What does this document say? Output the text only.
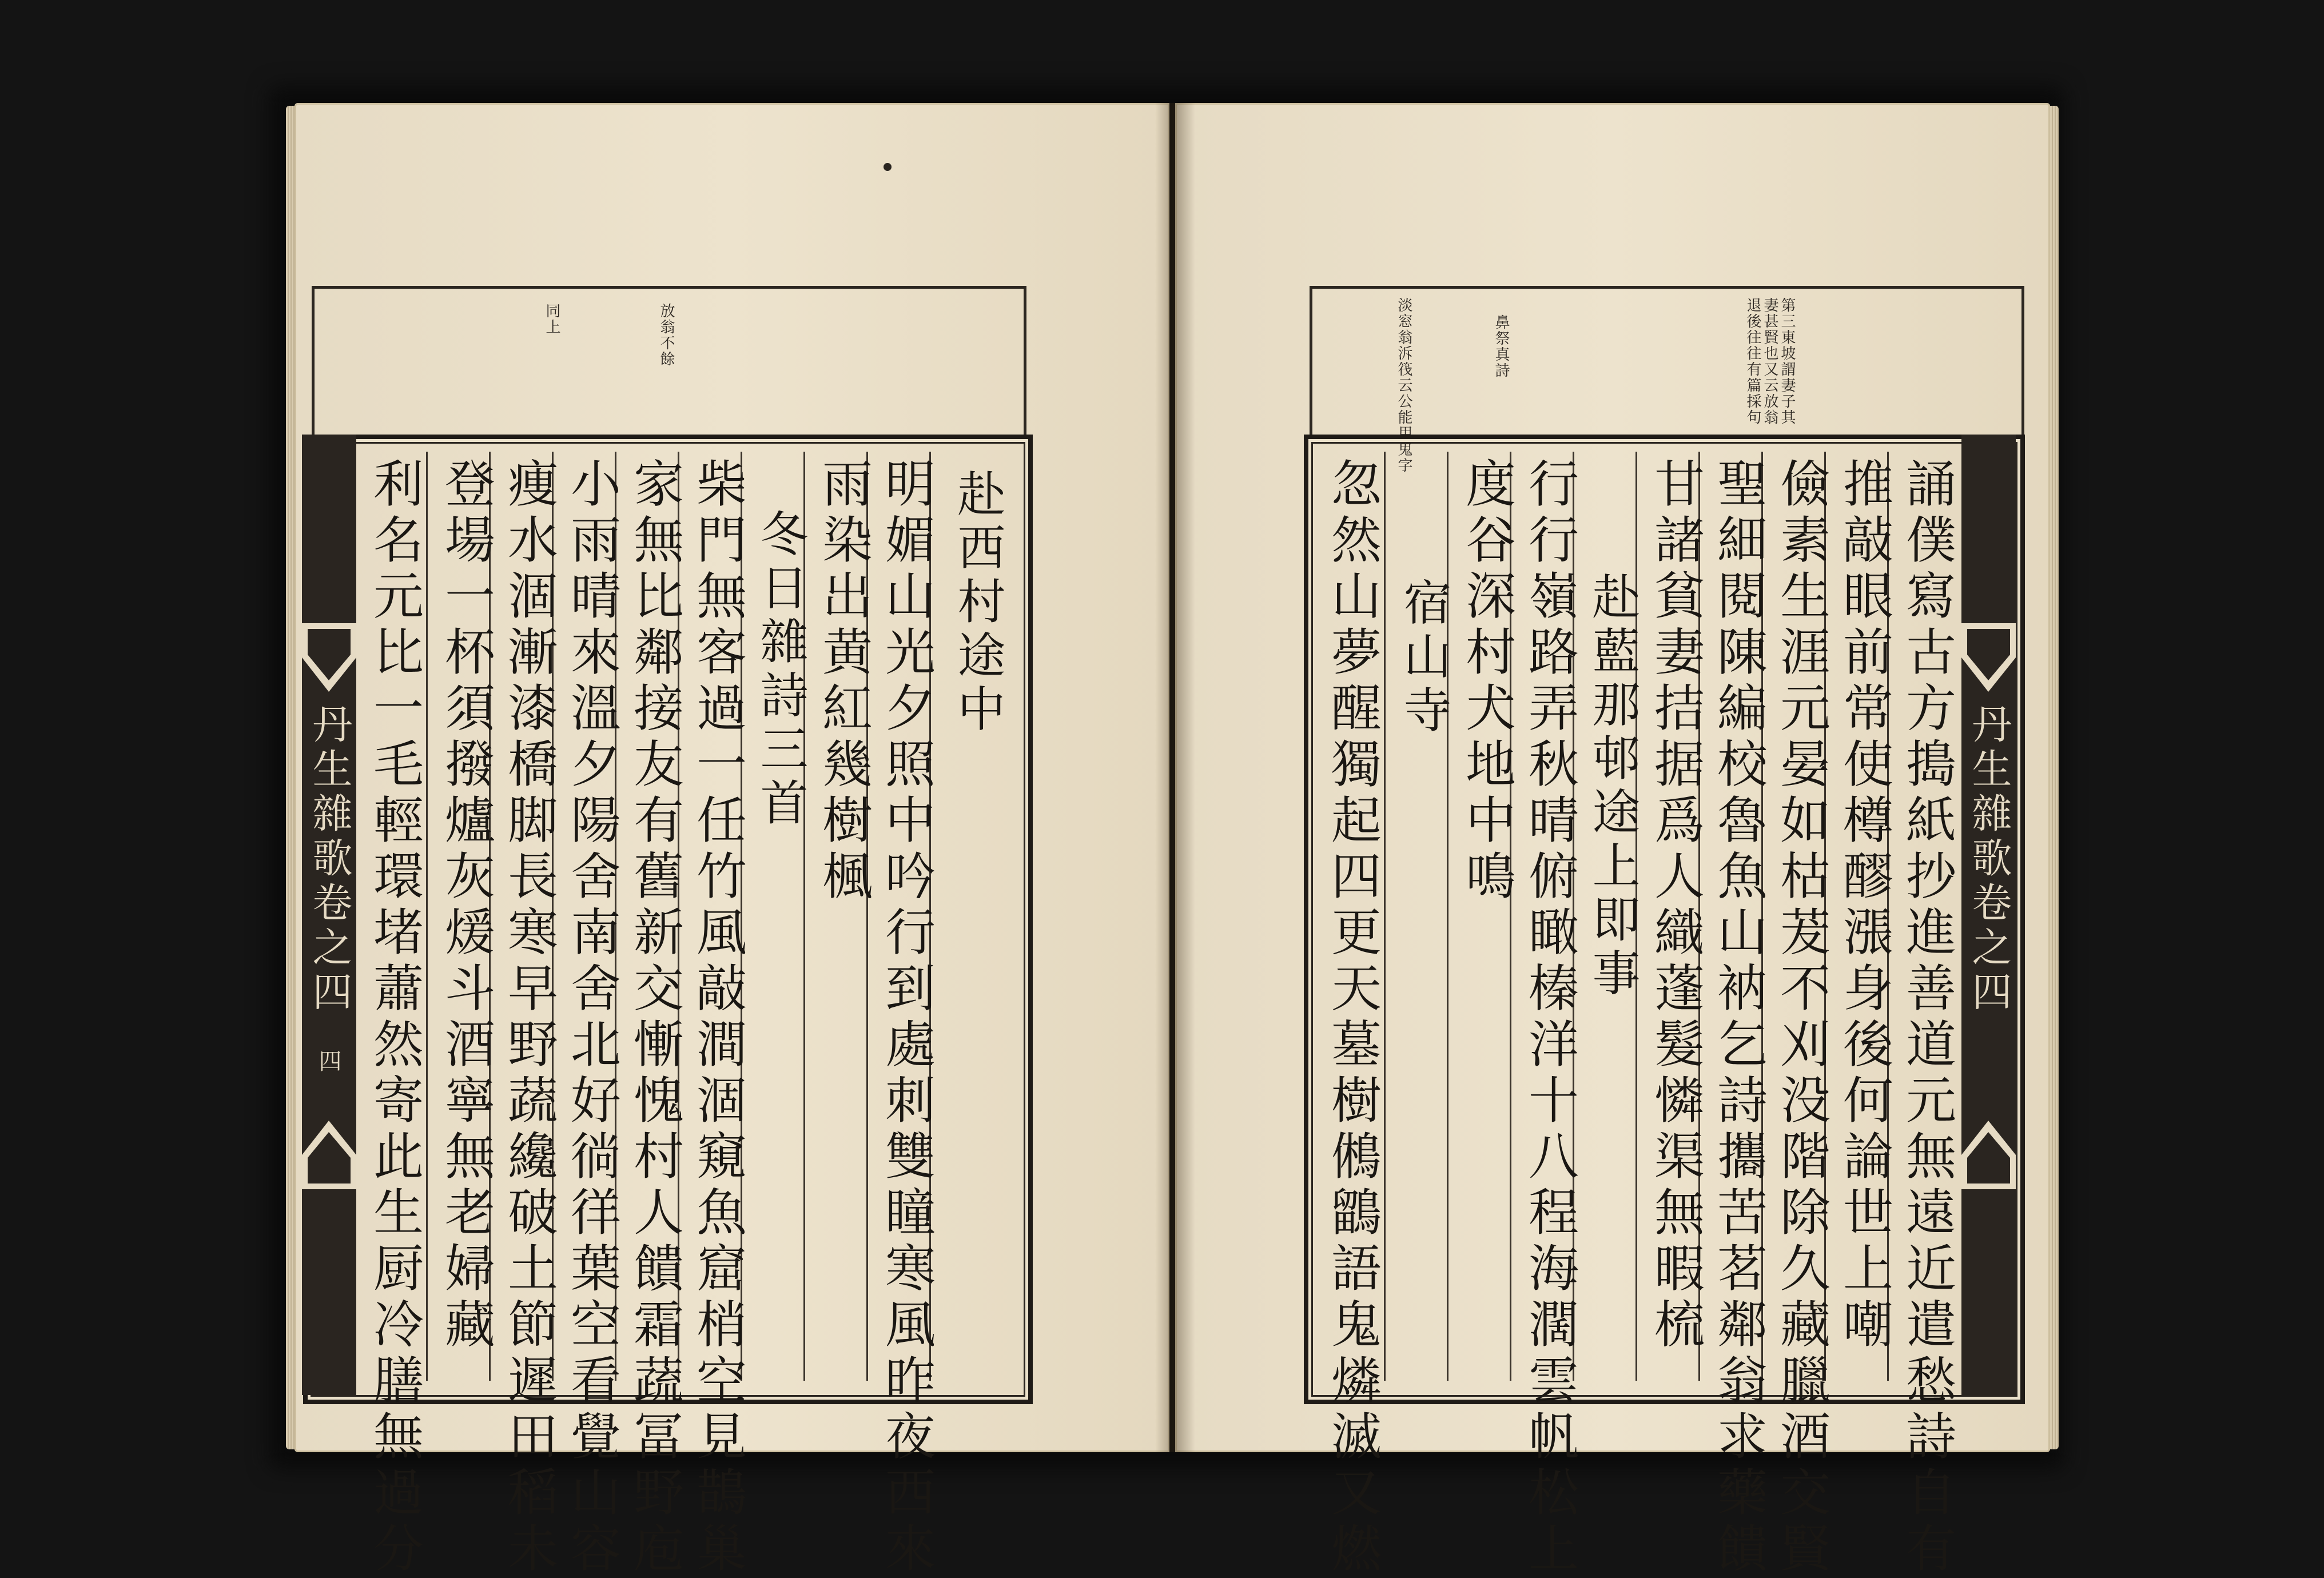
同上	放翁不餘
丹生雜歌卷之四
四
赴西村途中
明媚山光夕照中吟行到處刺雙瞳寒風昨夜西來
雨染出黄紅幾樹楓
冬日雜詩三首
柴門無客過一任竹風敲澗涸窺魚窟梢空見鵲巢
家無比鄰接友有舊新交慚愧村人饋霜蔬冨野庖
小雨晴來溫夕陽舍南舍北好徜徉葉空看覺山容
痩水涸漸漆橋脚長寒早野蔬纔破土節遲田稻未
登場一杯須撥爐灰煖斗酒寧無老婦藏
利名元比一毛輕環堵蕭然寄此生厨冷膳無過分
淡窓翁泝筏云公能用鬼字	鼻祭真詩	第三東坡謂妻子其妻甚賢也又云放翁退後往往有篇採句
丹生雜歌卷之四
誦僕寫古方搗紙抄進善道元無遠近遣愁詩自有
推敲眼前常使樽醪漲身後何論世上嘲
儉素生涯元晏如枯茇不刈没階除久藏臘酒交賢
聖細閱陳編校魯魚山衲乞詩攜苦茗鄰翁求藥饋
甘諸貧妻拮据爲人織蓬髮憐渠無暇梳
赴藍那邨途上即事
行行嶺路弄秋晴俯瞰榛洋十八程海濶雲帆松上
度谷深村犬地中鳴
宿山寺
忽然山夢醒獨起四更天墓樹鵂鶹語鬼燐滅又燃
